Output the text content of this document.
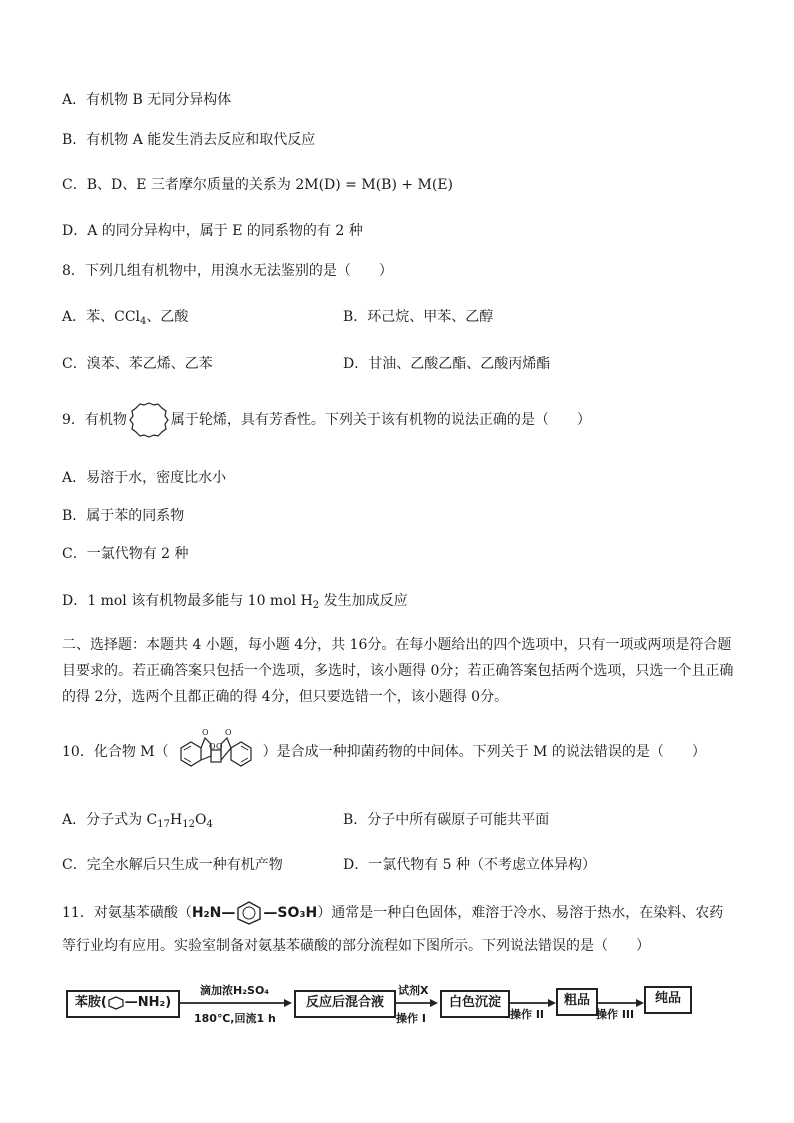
A．有机物 B 无同分异构体
B．有机物 A 能发生消去反应和取代反应
C．B、D、E 三者摩尔质量的关系为 2M(D) = M(B) + M(E)
D．A 的同分异构中，属于 E 的同系物的有 2 种
8．下列几组有机物中，用溴水无法鉴别的是（　　）
A．苯、CCl$_4$、乙酸	B．环己烷、甲苯、乙醇
C．溴苯、苯乙烯、乙苯	D．甘油、乙酸乙酯、乙酸丙烯酯
9．有机物	属于轮烯，具有芳香性。下列关于该有机物的说法正确的是（　　）
A．易溶于水，密度比水小
B．属于苯的同系物
C．一氯代物有 2 种
D．1 mol 该有机物最多能与 10 mol $H_2$ 发生加成反应
二、选择题：本题共 4 小题，每小题 4分，共 16分。在每小题给出的四个选项中，只有一项或两项是符合题目要求的。若正确答案只包括一个选项，多选时，该小题得 0分；若正确答案包括两个选项，只选一个且正确的得 2分，选两个且都正确的得 4分，但只要选错一个，该小题得 0分。
10．化合物 M（
O
O
O
O	）是合成一种抑菌药物的中间体。下列关于 M 的说法错误的是（　　）
A．分子式为 $C_{17}H_{12}O_4$	B．分子中所有碳原子可能共平面
C．完全水解后只生成一种有机产物	D．一氯代物有 5 种（不考虑立体异构）
11．对氨基苯磺酸（H₂N— —SO₃H）通常是一种白色固体，难溶于冷水、易溶于热水，在染料、农药
等行业均有应用。实验室制备对氨基苯磺酸的部分流程如下图所示。下列说法错误的是（　　）
苯胺( —NH₂)
滴加浓H₂SO₄
180℃,回流1 h
反应后混合液
试剂X
操作 I
白色沉淀
操作 II
粗品
操作 III
纯品
